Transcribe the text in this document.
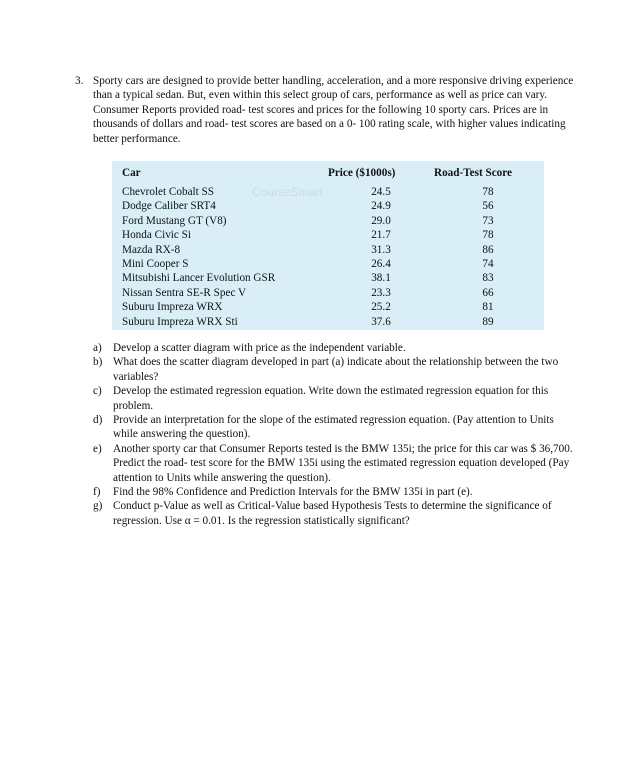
3. Sporty cars are designed to provide better handling, acceleration, and a more responsive driving experience than a typical sedan. But, even within this select group of cars, performance as well as price can vary. Consumer Reports provided road- test scores and prices for the following 10 sporty cars. Prices are in thousands of dollars and road- test scores are based on a 0- 100 rating scale, with higher values indicating better performance.
CourseSmart
Car	Price ($1000s)	Road-Test Score
Chevrolet Cobalt SS	24.5	78
Dodge Caliber SRT4	24.9	56
Ford Mustang GT (V8)	29.0	73
Honda Civic Si	21.7	78
Mazda RX-8	31.3	86
Mini Cooper S	26.4	74
Mitsubishi Lancer Evolution GSR	38.1	83
Nissan Sentra SE-R Spec V	23.3	66
Suburu Impreza WRX	25.2	81
Suburu Impreza WRX Sti	37.6	89
a) Develop a scatter diagram with price as the independent variable.
b) What does the scatter diagram developed in part (a) indicate about the relationship between the two variables?
c) Develop the estimated regression equation. Write down the estimated regression equation for this problem.
d) Provide an interpretation for the slope of the estimated regression equation. (Pay attention to Units while answering the question).
e) Another sporty car that Consumer Reports tested is the BMW 135i; the price for this car was $ 36,700. Predict the road- test score for the BMW 135i using the estimated regression equation developed (Pay attention to Units while answering the question).
f) Find the 98% Confidence and Prediction Intervals for the BMW 135i in part (e).
g) Conduct p-Value as well as Critical-Value based Hypothesis Tests to determine the significance of regression. Use α = 0.01. Is the regression statistically significant?
